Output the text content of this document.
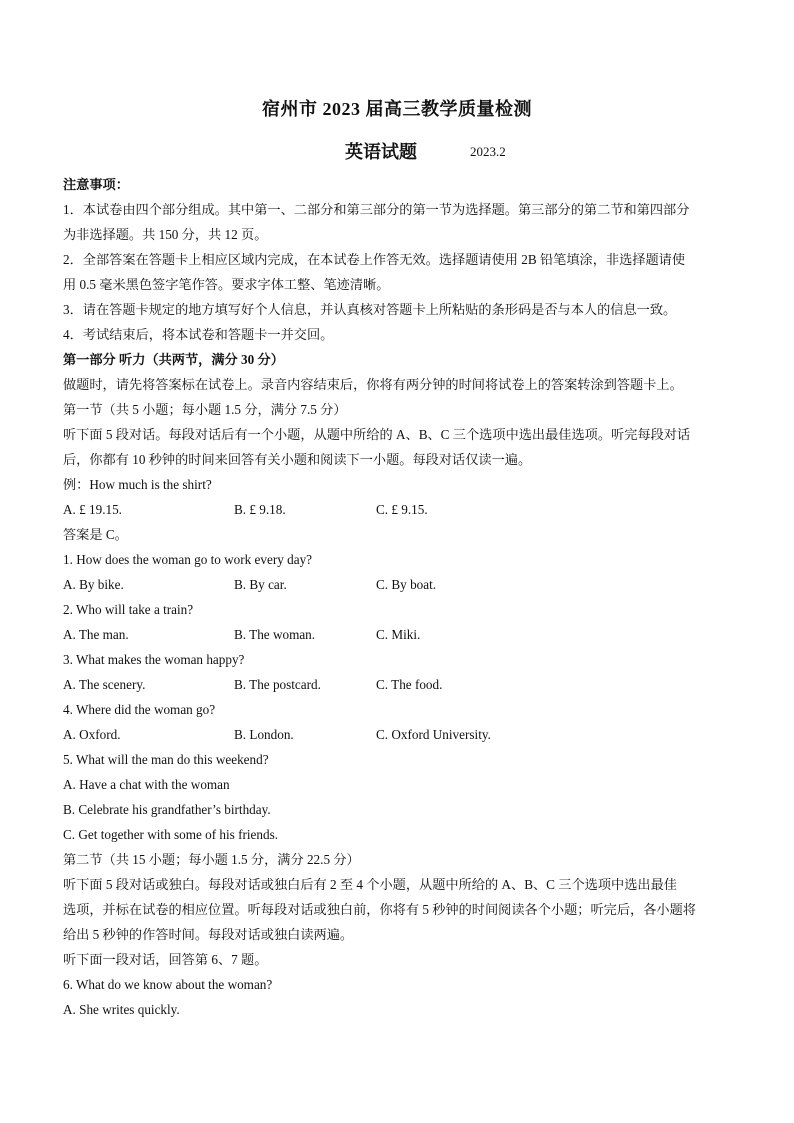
宿州市 2023 届高三教学质量检测
英语试题	2023.2
注意事项：
1．本试卷由四个部分组成。其中第一、二部分和第三部分的第一节为选择题。第三部分的第二节和第四部分
为非选择题。共 150 分，共 12 页。
2．全部答案在答题卡上相应区域内完成，在本试卷上作答无效。选择题请使用 2B 铅笔填涂，非选择题请使
用 0.5 毫米黑色签字笔作答。要求字体工整、笔迹清晰。
3．请在答题卡规定的地方填写好个人信息，并认真核对答题卡上所粘贴的条形码是否与本人的信息一致。
4．考试结束后，将本试卷和答题卡一并交回。
第一部分 听力（共两节，满分 30 分）
做题时，请先将答案标在试卷上。录音内容结束后，你将有两分钟的时间将试卷上的答案转涂到答题卡上。
第一节（共 5 小题；每小题 1.5 分，满分 7.5 分）
听下面 5 段对话。每段对话后有一个小题，从题中所给的 A、B、C 三个选项中选出最佳选项。听完每段对话
后，你都有 10 秒钟的时间来回答有关小题和阅读下一小题。每段对话仅读一遍。
例：How much is the shirt?
A. £ 19.15.	B. £ 9.18.	C. £ 9.15.
答案是 C。
1. How does the woman go to work every day?
A. By bike.	B. By car.	C. By boat.
2. Who will take a train?
A. The man.	B. The woman.	C. Miki.
3. What makes the woman happy?
A. The scenery.	B. The postcard.	C. The food.
4. Where did the woman go?
A. Oxford.	B. London.	C. Oxford University.
5. What will the man do this weekend?
A. Have a chat with the woman
B. Celebrate his grandfather’s birthday.
C. Get together with some of his friends.
第二节（共 15 小题；每小题 1.5 分，满分 22.5 分）
听下面 5 段对话或独白。每段对话或独白后有 2 至 4 个小题，从题中所给的 A、B、C 三个选项中选出最佳
选项，并标在试卷的相应位置。听每段对话或独白前，你将有 5 秒钟的时间阅读各个小题；听完后，各小题将
给出 5 秒钟的作答时间。每段对话或独白读两遍。
听下面一段对话，回答第 6、7 题。
6. What do we know about the woman?
A. She writes quickly.
